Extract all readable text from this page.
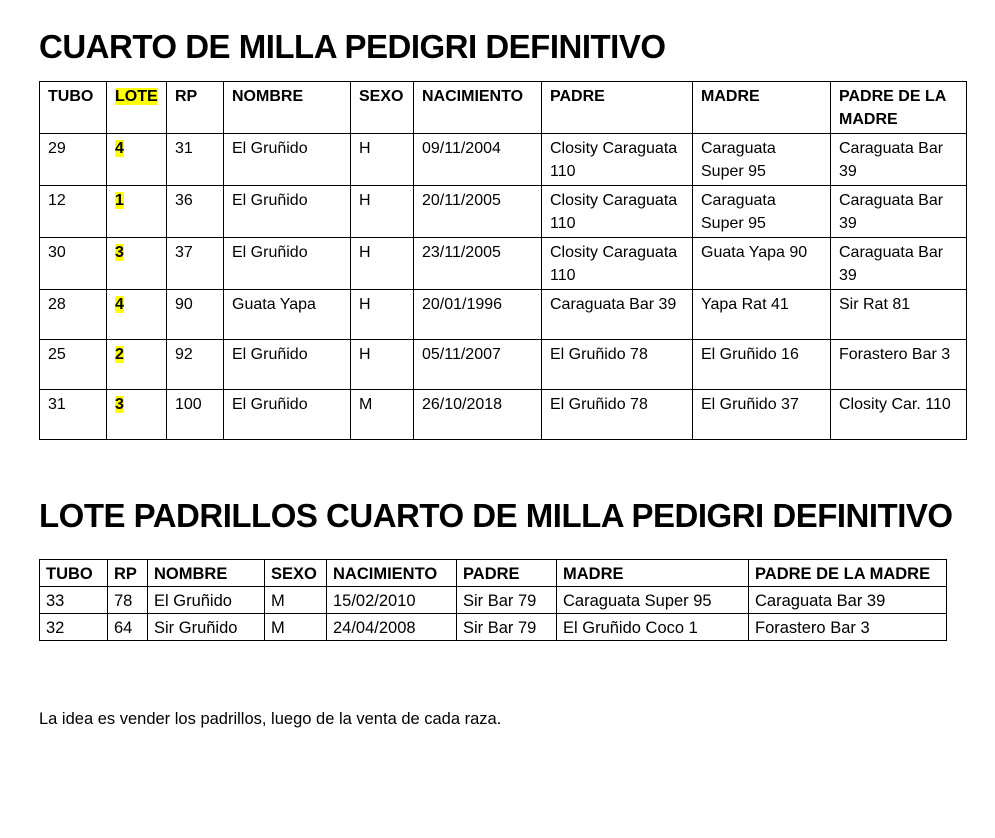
CUARTO DE MILLA PEDIGRI DEFINITIVO
TUBO	LOTE	RP	NOMBRE	SEXO	NACIMIENTO	PADRE	MADRE	PADRE DE LA MADRE
29	4	31	El Gruñido	H	09/11/2004	Closity Caraguata 110	Caraguata Super 95	Caraguata Bar 39
12	1	36	El Gruñido	H	20/11/2005	Closity Caraguata 110	Caraguata Super 95	Caraguata Bar 39
30	3	37	El Gruñido	H	23/11/2005	Closity Caraguata 110	Guata Yapa 90	Caraguata Bar 39
28	4	90	Guata Yapa	H	20/01/1996	Caraguata Bar 39	Yapa Rat 41	Sir Rat 81
25	2	92	El Gruñido	H	05/11/2007	El Gruñido 78	El Gruñido 16	Forastero Bar 3
31	3	100	El Gruñido	M	26/10/2018	El Gruñido 78	El Gruñido 37	Closity Car. 110
LOTE PADRILLOS CUARTO DE MILLA PEDIGRI DEFINITIVO
TUBO	RP	NOMBRE	SEXO	NACIMIENTO	PADRE	MADRE	PADRE DE LA MADRE
33	78	El Gruñido	M	15/02/2010	Sir Bar 79	Caraguata Super 95	Caraguata Bar 39
32	64	Sir Gruñido	M	24/04/2008	Sir Bar 79	El Gruñido Coco 1	Forastero Bar 3

La idea es vender los padrillos, luego de la venta de cada raza.
